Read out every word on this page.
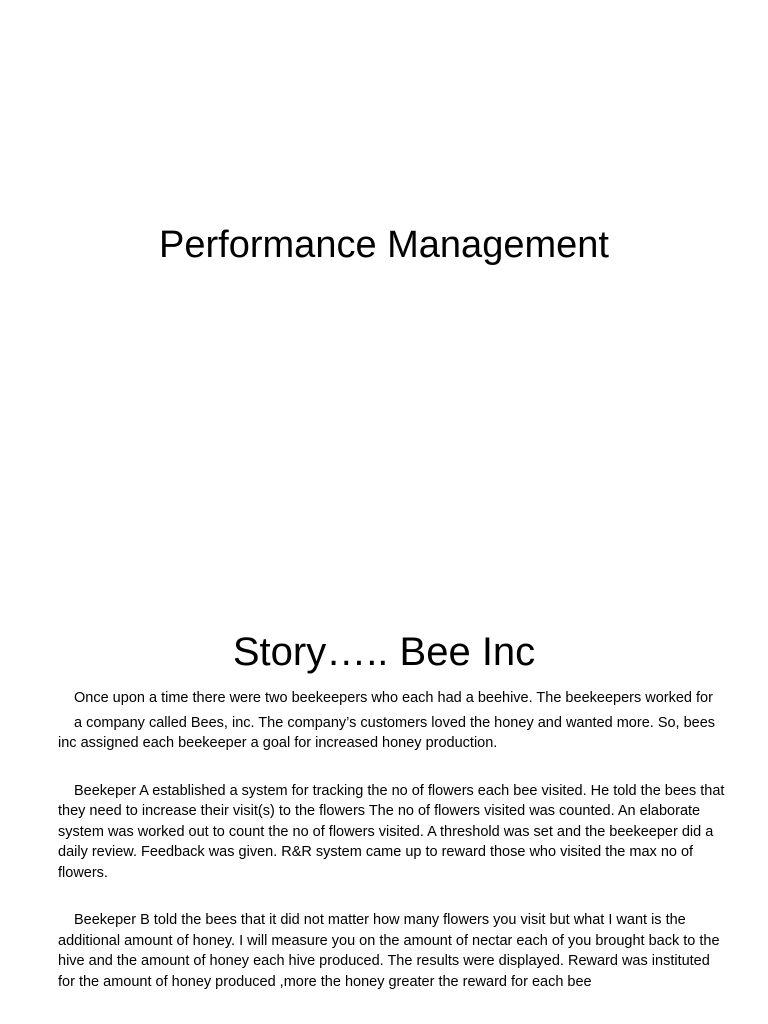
Performance Management
Story….. Bee Inc

Once upon a time there were two beekeepers who each had a beehive. The beekeepers worked for

a company called Bees, inc. The company’s customers loved the honey and wanted more. So, bees inc assigned each beekeeper a goal for increased honey production.

Beekeper A established a system for tracking the no of flowers each bee visited. He told the bees that they need to increase their visit(s) to the flowers The no of flowers visited was counted. An elaborate system was worked out to count the no of flowers visited. A threshold was set and the beekeeper did a daily review. Feedback was given. R&R system came up to reward those who visited the max no of flowers.

Beekeper B told the bees that it did not matter how many flowers you visit but what I want is the additional amount of honey. I will measure you on the amount of nectar each of you brought back to the hive and the amount of honey each hive produced. The results were displayed. Reward was instituted for the amount of honey produced ,more the honey greater the reward for each bee
